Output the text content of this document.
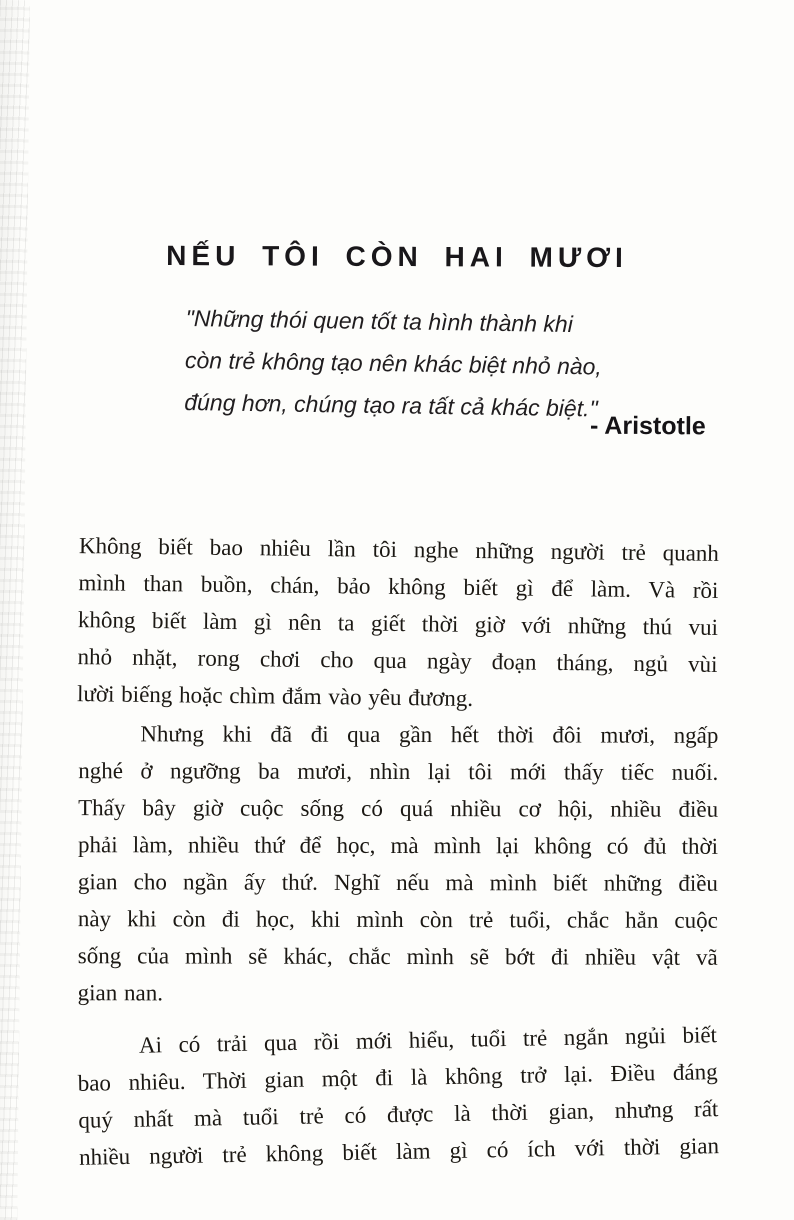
NẾU TÔI CÒN HAI MƯƠI
"Những thói quen tốt ta hình thành khi
còn trẻ không tạo nên khác biệt nhỏ nào,
đúng hơn, chúng tạo ra tất cả khác biệt."
- Aristotle
Không biết bao nhiêu lần tôi nghe những người trẻ quanh
mình than buồn, chán, bảo không biết gì để làm. Và rồi
không biết làm gì nên ta giết thời giờ với những thú vui
nhỏ nhặt, rong chơi cho qua ngày đoạn tháng, ngủ vùi
lười biếng hoặc chìm đắm vào yêu đương.
Nhưng khi đã đi qua gần hết thời đôi mươi, ngấp
nghé ở ngưỡng ba mươi, nhìn lại tôi mới thấy tiếc nuối.
Thấy bây giờ cuộc sống có quá nhiều cơ hội, nhiều điều
phải làm, nhiều thứ để học, mà mình lại không có đủ thời
gian cho ngần ấy thứ. Nghĩ nếu mà mình biết những điều
này khi còn đi học, khi mình còn trẻ tuổi, chắc hẳn cuộc
sống của mình sẽ khác, chắc mình sẽ bớt đi nhiều vật vã
gian nan.
Ai có trải qua rồi mới hiểu, tuổi trẻ ngắn ngủi biết
bao nhiêu. Thời gian một đi là không trở lại. Điều đáng
quý nhất mà tuổi trẻ có được là thời gian, nhưng rất
nhiều người trẻ không biết làm gì có ích với thời gian
